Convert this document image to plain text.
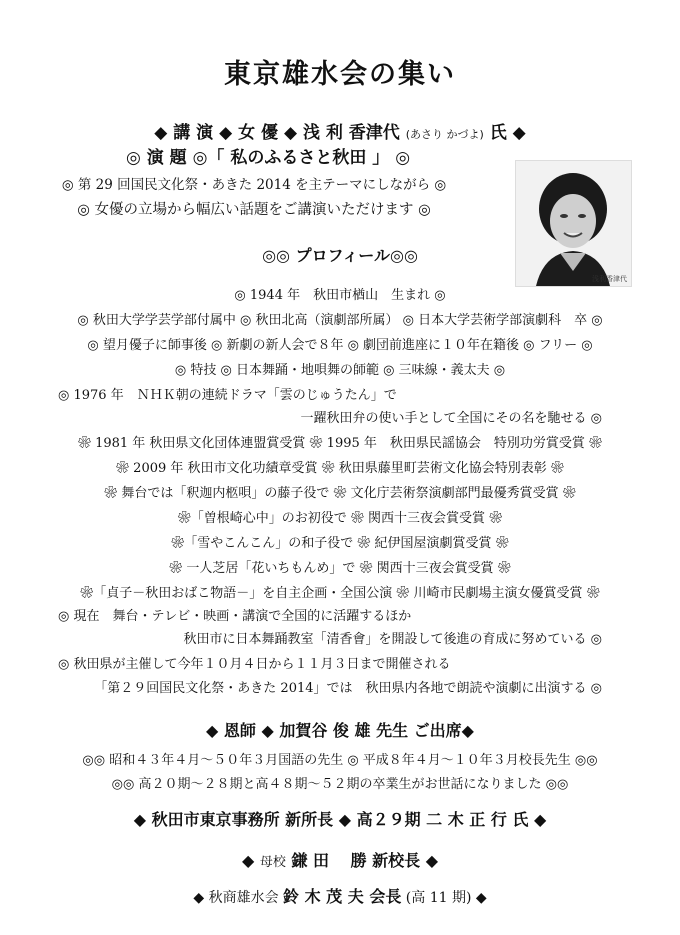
東京雄水会の集い
◆ 講 演 ◆ 女 優 ◆ 浅 利 香津代 (あさり かづよ) 氏 ◆
◎ 演 題 ◎「 私のふるさと秋田 」 ◎
◎ 第 29 回国民文化祭・あきた 2014 を主テーマにしながら ◎
◎ 女優の立場から幅広い話題をご講演いただけます ◎
浅利香津代
◎◎ プロフィール◎◎
◎ 1944 年　秋田市楢山　生まれ ◎
◎ 秋田大学学芸学部付属中 ◎ 秋田北高（演劇部所属） ◎ 日本大学芸術学部演劇科　卒 ◎
◎ 望月優子に師事後 ◎ 新劇の新人会で８年 ◎ 劇団前進座に１０年在籍後 ◎ フリー ◎
◎ 特技 ◎ 日本舞踊・地唄舞の師範 ◎ 三味線・義太夫 ◎
◎ 1976 年　ＮＨＫ朝の連続ドラマ「雲のじゅうたん」で
一躍秋田弁の使い手として全国にその名を馳せる ◎
❀ 1981 年 秋田県文化団体連盟賞受賞 ❀ 1995 年　秋田県民謡協会　特別功労賞受賞 ❀
❀ 2009 年 秋田市文化功績章受賞 ❀ 秋田県藤里町芸術文化協会特別表彰 ❀
❀ 舞台では「釈迦内柩唄」の藤子役で ❀ 文化庁芸術祭演劇部門最優秀賞受賞 ❀
❀「曽根崎心中」のお初役で ❀ 関西十三夜会賞受賞 ❀
❀「雪やこんこん」の和子役で ❀ 紀伊国屋演劇賞受賞 ❀
❀ 一人芝居「花いちもんめ」で ❀ 関西十三夜会賞受賞 ❀
❀「貞子－秋田おばこ物語－」を自主企画・全国公演 ❀ 川崎市民劇場主演女優賞受賞 ❀
◎ 現在　舞台・テレビ・映画・講演で全国的に活躍するほか
秋田市に日本舞踊教室「清香會」を開設して後進の育成に努めている ◎
◎ 秋田県が主催して今年１０月４日から１１月３日まで開催される
「第２９回国民文化祭・あきた 2014」では　秋田県内各地で朗読や演劇に出演する ◎
◆ 恩師 ◆ 加賀谷 俊 雄 先生 ご出席◆
◎◎ 昭和４３年４月～５０年３月国語の先生 ◎ 平成８年４月～１０年３月校長先生 ◎◎
◎◎ 高２０期～２８期と高４８期～５２期の卒業生がお世話になりました ◎◎
◆ 秋田市東京事務所 新所長 ◆ 高２９期 二 木 正 行 氏 ◆
◆ 母校 鎌 田　 勝 新校長 ◆
◆ 秋商雄水会 鈴 木 茂 夫 会長 (高 11 期) ◆
